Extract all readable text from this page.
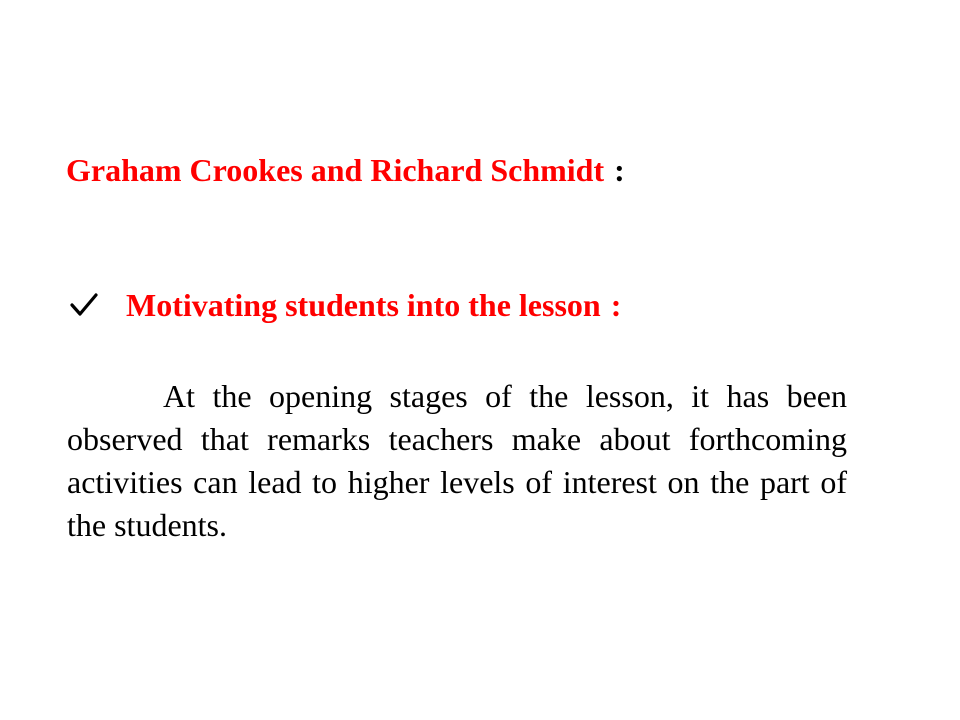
Graham Crookes and Richard Schmidt :
Motivating students into the lesson :

At the opening stages of the lesson, it has been observed that remarks teachers make about forthcoming activities can lead to higher levels of interest on the part of the students.
